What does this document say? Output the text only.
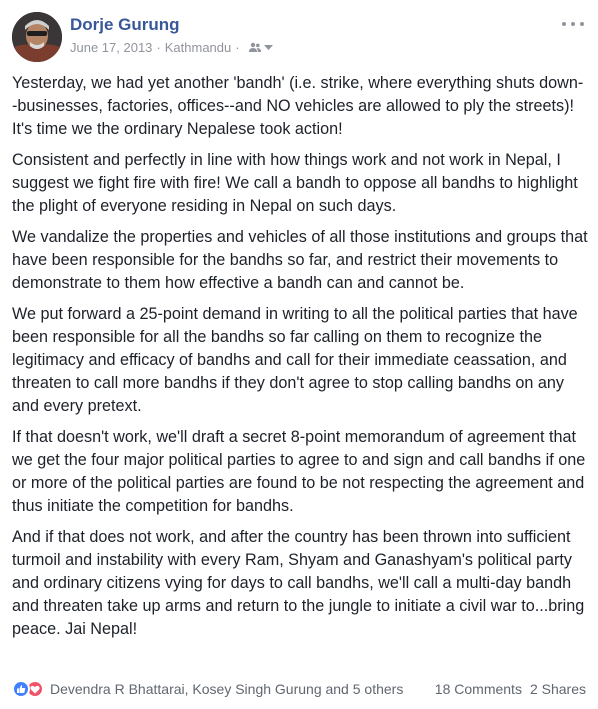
Dorje Gurung
June 17, 2013 · Kathmandu ·

Yesterday, we had yet another 'bandh' (i.e. strike, where everything shuts down--businesses, factories, offices--and NO vehicles are allowed to ply the streets)! It's time we the ordinary Nepalese took action!

Consistent and perfectly in line with how things work and not work in Nepal, I suggest we fight fire with fire! We call a bandh to oppose all bandhs to highlight the plight of everyone residing in Nepal on such days.

We vandalize the properties and vehicles of all those institutions and groups that have been responsible for the bandhs so far, and restrict their movements to demonstrate to them how effective a bandh can and cannot be.

We put forward a 25-point demand in writing to all the political parties that have been responsible for all the bandhs so far calling on them to recognize the legitimacy and efficacy of bandhs and call for their immediate ceassation, and threaten to call more bandhs if they don't agree to stop calling bandhs on any and every pretext.

If that doesn't work, we'll draft a secret 8-point memorandum of agreement that we get the four major political parties to agree to and sign and call bandhs if one or more of the political parties are found to be not respecting the agreement and thus initiate the competition for bandhs.

And if that does not work, and after the country has been thrown into sufficient turmoil and instability with every Ram, Shyam and Ganashyam's political party and ordinary citizens vying for days to call bandhs, we'll call a multi-day bandh and threaten take up arms and return to the jungle to initiate a civil war to...bring peace. Jai Nepal!

Devendra R Bhattarai, Kosey Singh Gurung and 5 others 18 Comments 2 Shares
